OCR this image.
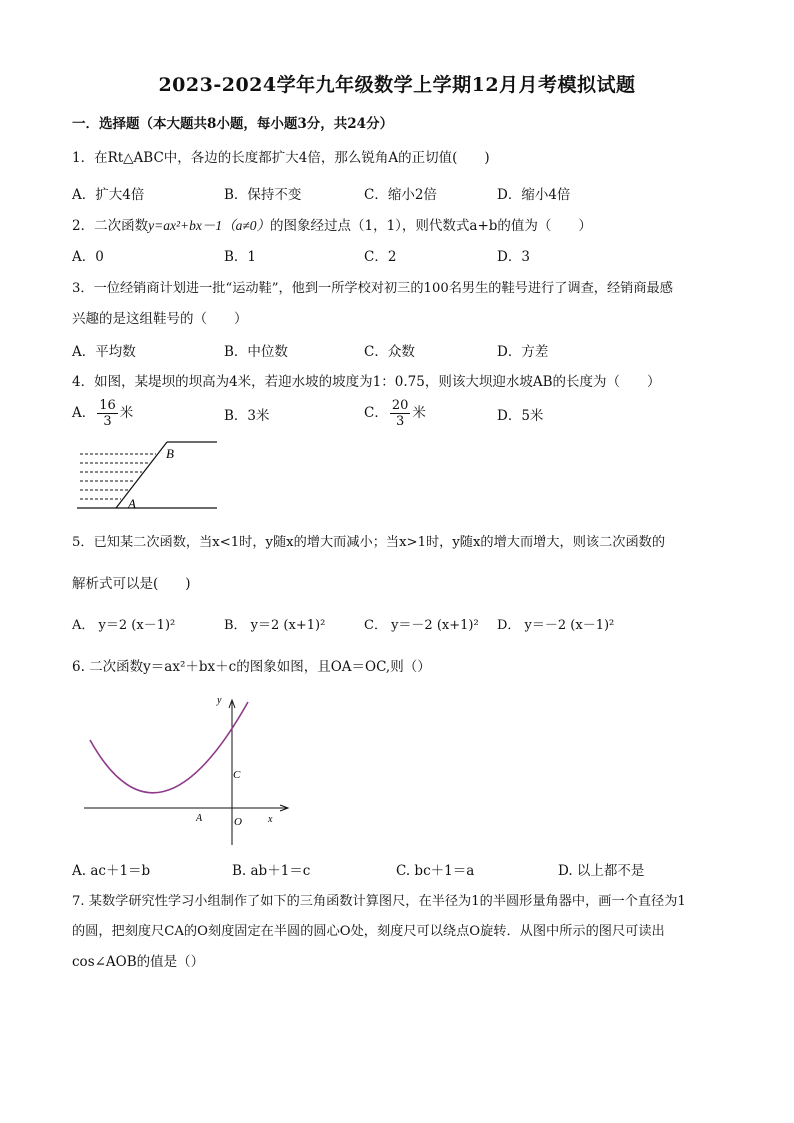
2023-2024学年九年级数学上学期12月月考模拟试题
一．选择题（本大题共8小题，每小题3分，共24分）
1．在Rt△ABC中，各边的长度都扩大4倍，那么锐角A的正切值(　　)
A．扩大4倍	B．保持不变	C．缩小2倍	D．缩小4倍
2．二次函数y=ax²+bx－1（a≠0）的图象经过点（1，1），则代数式a+b的值为（　　）
A．0	B．1	C．2	D．3
3．一位经销商计划进一批“运动鞋”，他到一所学校对初三的100名男生的鞋号进行了调查，经销商最感
兴趣的是这组鞋号的（　　）
A．平均数	B．中位数	C．众数	D．方差
4．如图，某堤坝的坝高为4米，若迎水坡的坡度为1：0.75，则该大坝迎水坡AB的长度为（　　）
A． $\frac{16}{3}$ 米	B．3米	C． $\frac{20}{3}$ 米	D．5米
B
A
5．已知某二次函数，当x<1时，y随x的增大而减小；当x>1时，y随x的增大而增大，则该二次函数的
解析式可以是(　　)
A． y＝2 (x－1)²	B． y＝2 (x+1)²	C． y＝－2 (x+1)² D． y＝－2 (x－1)²
6. 二次函数y＝ax²＋bx＋c的图象如图，且OA＝OC,则（）
y
x
C
A	O
A. ac＋1＝b	B. ab＋1＝c	C. bc＋1＝a	D. 以上都不是
7. 某数学研究性学习小组制作了如下的三角函数计算图尺，在半径为1的半圆形量角器中，画一个直径为1
的圆，把刻度尺CA的O刻度固定在半圆的圆心O处，刻度尺可以绕点O旋转．从图中所示的图尺可读出
cos∠AOB的值是（）
